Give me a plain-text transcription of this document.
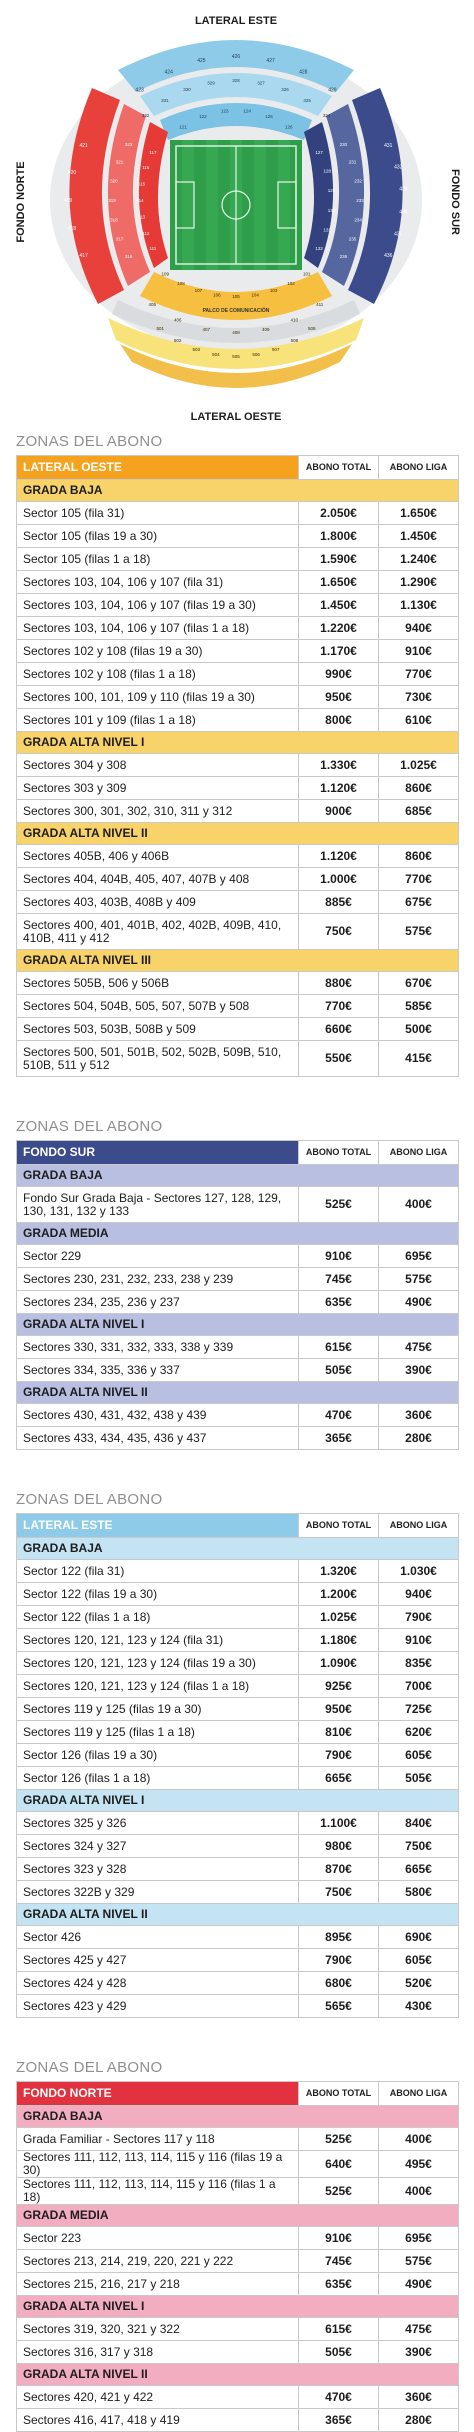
423
424
425
426
427
428
429
332
331
330
329	328	327
326
325
324
121
122
123	124
125
126
417
418
419
420
421
316
317
318
319
320
321
322
111
112
113
114
115
116
117
431
432
433
434
435
436
230
231
232
233
234
235
236
127
128
129
130
131
132
109
108
107
106	105	104
103
102
101
405
406
407
408
409
410
411
501
502
503
504	505	506
507
508
509
PALCO DE COMUNICACIÓN
LATERAL ESTE
LATERAL OESTE
FONDO NORTE	FONDO SUR
ZONAS DEL ABONO
LATERAL OESTE	ABONO TOTAL	ABONO LIGA
GRADA BAJA		
Sector 105 (fila 31)	2.050€	1.650€
Sector 105 (filas 19 a 30)	1.800€	1.450€
Sector 105 (filas 1 a 18)	1.590€	1.240€
Sectores 103, 104, 106 y 107 (fila 31)	1.650€	1.290€
Sectores 103, 104, 106 y 107 (filas 19 a 30)	1.450€	1.130€
Sectores 103, 104, 106 y 107 (filas 1 a 18)	1.220€	940€
Sectores 102 y 108 (filas 19 a 30)	1.170€	910€
Sectores 102 y 108 (filas 1 a 18)	990€	770€
Sectores 100, 101, 109 y 110 (filas 19 a 30)	950€	730€
Sectores 101 y 109 (filas 1 a 18)	800€	610€
GRADA ALTA NIVEL I		
Sectores 304 y 308	1.330€	1.025€
Sectores 303 y 309	1.120€	860€
Sectores 300, 301, 302, 310, 311 y 312	900€	685€
GRADA ALTA NIVEL II		
Sectores 405B, 406 y 406B	1.120€	860€
Sectores 404, 404B, 405, 407, 407B y 408	1.000€	770€
Sectores 403, 403B, 408B y 409	885€	675€
Sectores 400, 401, 401B, 402, 402B, 409B, 410, 410B, 411 y 412	750€	575€
GRADA ALTA NIVEL III		
Sectores 505B, 506 y 506B	880€	670€
Sectores 504, 504B, 505, 507, 507B y 508	770€	585€
Sectores 503, 503B, 508B y 509	660€	500€
Sectores 500, 501, 501B, 502, 502B, 509B, 510, 510B, 511 y 512	550€	415€
ZONAS DEL ABONO
FONDO SUR	ABONO TOTAL	ABONO LIGA
GRADA BAJA		
Fondo Sur Grada Baja - Sectores 127, 128, 129, 130, 131, 132 y 133	525€	400€
GRADA MEDIA		
Sector 229	910€	695€
Sectores 230, 231, 232, 233, 238 y 239	745€	575€
Sectores 234, 235, 236 y 237	635€	490€
GRADA ALTA NIVEL I		
Sectores 330, 331, 332, 333, 338 y 339	615€	475€
Sectores 334, 335, 336 y 337	505€	390€
GRADA ALTA NIVEL II		
Sectores 430, 431, 432, 438 y 439	470€	360€
Sectores 433, 434, 435, 436 y 437	365€	280€
ZONAS DEL ABONO
LATERAL ESTE	ABONO TOTAL	ABONO LIGA
GRADA BAJA		
Sector 122 (fila 31)	1.320€	1.030€
Sector 122 (filas 19 a 30)	1.200€	940€
Sector 122 (filas 1 a 18)	1.025€	790€
Sectores 120, 121, 123 y 124 (fila 31)	1.180€	910€
Sectores 120, 121, 123 y 124 (filas 19 a 30)	1.090€	835€
Sectores 120, 121, 123 y 124 (filas 1 a 18)	925€	700€
Sectores 119 y 125 (filas 19 a 30)	950€	725€
Sectores 119 y 125 (filas 1 a 18)	810€	620€
Sector 126 (filas 19 a 30)	790€	605€
Sector 126 (filas 1 a 18)	665€	505€
GRADA ALTA NIVEL I		
Sectores 325 y 326	1.100€	840€
Sectores 324 y 327	980€	750€
Sectores 323 y 328	870€	665€
Sectores 322B y 329	750€	580€
GRADA ALTA NIVEL II		
Sector 426	895€	690€
Sectores 425 y 427	790€	605€
Sectores 424 y 428	680€	520€
Sectores 423 y 429	565€	430€
ZONAS DEL ABONO
FONDO NORTE	ABONO TOTAL	ABONO LIGA
GRADA BAJA		
Grada Familiar - Sectores 117 y 118	525€	400€
Sectores 111, 112, 113, 114, 115 y 116 (filas 19 a 30)	640€	495€
Sectores 111, 112, 113, 114, 115 y 116 (filas 1 a 18)	525€	400€
GRADA MEDIA		
Sector 223	910€	695€
Sectores 213, 214, 219, 220, 221 y 222	745€	575€
Sectores 215, 216, 217 y 218	635€	490€
GRADA ALTA NIVEL I		
Sectores 319, 320, 321 y 322	615€	475€
Sectores 316, 317 y 318	505€	390€
GRADA ALTA NIVEL II		
Sectores 420, 421 y 422	470€	360€
Sectores 416, 417, 418 y 419	365€	280€
